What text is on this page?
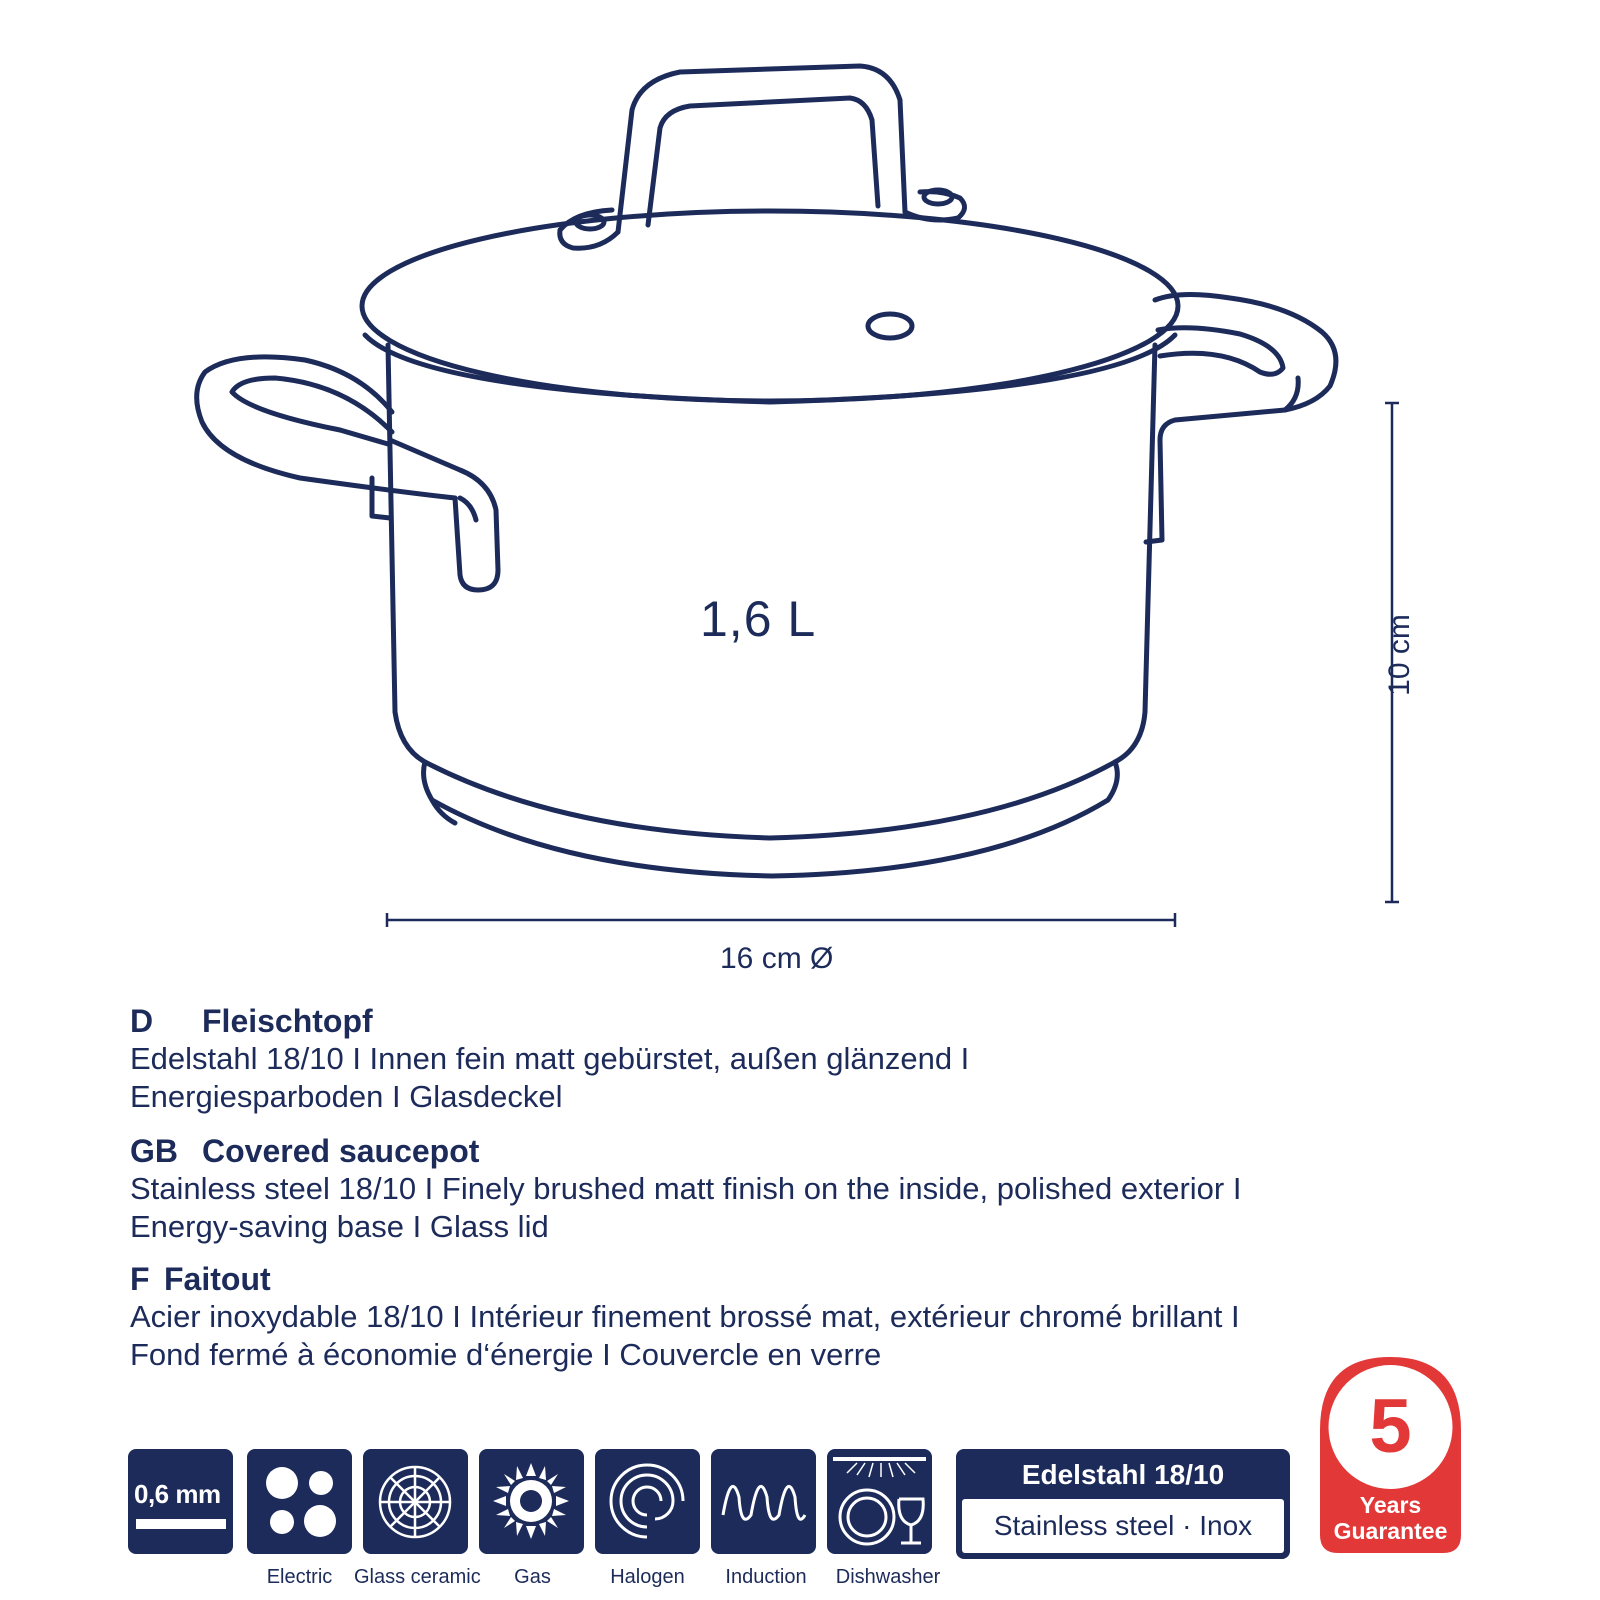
1,6 L
16 cm Ø
10 cm
D Fleischtopf
Edelstahl 18/10 I Innen fein matt gebürstet, außen glänzend I
Energiesparboden I Glasdeckel
GB Covered saucepot
Stainless steel 18/10 I Finely brushed matt finish on the inside, polished exterior I
Energy-saving base I Glass lid
F Faitout
Acier inoxydable 18/10 I Intérieur finement brossé mat, extérieur chromé brillant I
Fond fermé à économie d‘énergie I Couvercle en verre
0,6 mm
Electric	Glass ceramic	Gas	Halogen	Induction	Dishwasher
Edelstahl 18/10
Stainless steel · Inox
5
Years
Guarantee
